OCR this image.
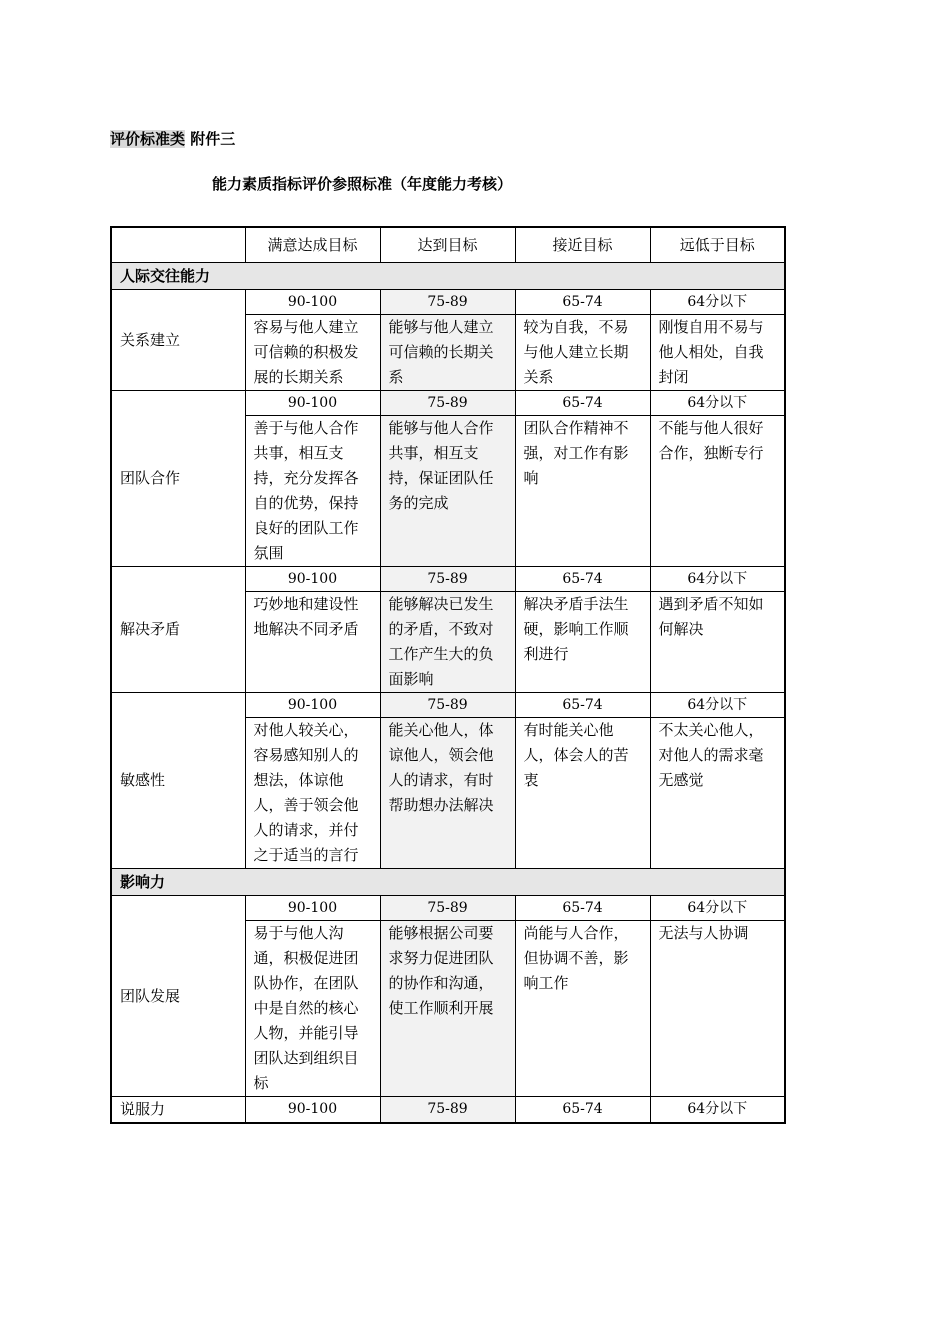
评价标准类 附件三
能力素质指标评价参照标准（年度能力考核）
	满意达成目标	达到目标	接近目标	远低于目标
人际交往能力				
关系建立	90-100	75-89	65-74	64分以下
	容易与他人建立可信赖的积极发展的长期关系	能够与他人建立可信赖的长期关系	较为自我，不易与他人建立长期关系	刚愎自用不易与他人相处，自我封闭
团队合作	90-100	75-89	65-74	64分以下
	善于与他人合作共事，相互支持，充分发挥各自的优势，保持良好的团队工作氛围	能够与他人合作共事，相互支持，保证团队任务的完成	团队合作精神不强，对工作有影响	不能与他人很好合作，独断专行
解决矛盾	90-100	75-89	65-74	64分以下
	巧妙地和建设性地解决不同矛盾	能够解决已发生的矛盾，不致对工作产生大的负面影响	解决矛盾手法生硬，影响工作顺利进行	遇到矛盾不知如何解决
敏感性	90-100	75-89	65-74	64分以下
	对他人较关心，容易感知别人的想法，体谅他人，善于领会他人的请求，并付之于适当的言行	能关心他人，体谅他人，领会他人的请求，有时帮助想办法解决	有时能关心他人，体会人的苦衷	不太关心他人，对他人的需求毫无感觉
影响力				
团队发展	90-100	75-89	65-74	64分以下
	易于与他人沟通，积极促进团队协作，在团队中是自然的核心人物，并能引导团队达到组织目标	能够根据公司要求努力促进团队的协作和沟通，使工作顺利开展	尚能与人合作，但协调不善，影响工作	无法与人协调
说服力	90-100	75-89	65-74	64分以下
